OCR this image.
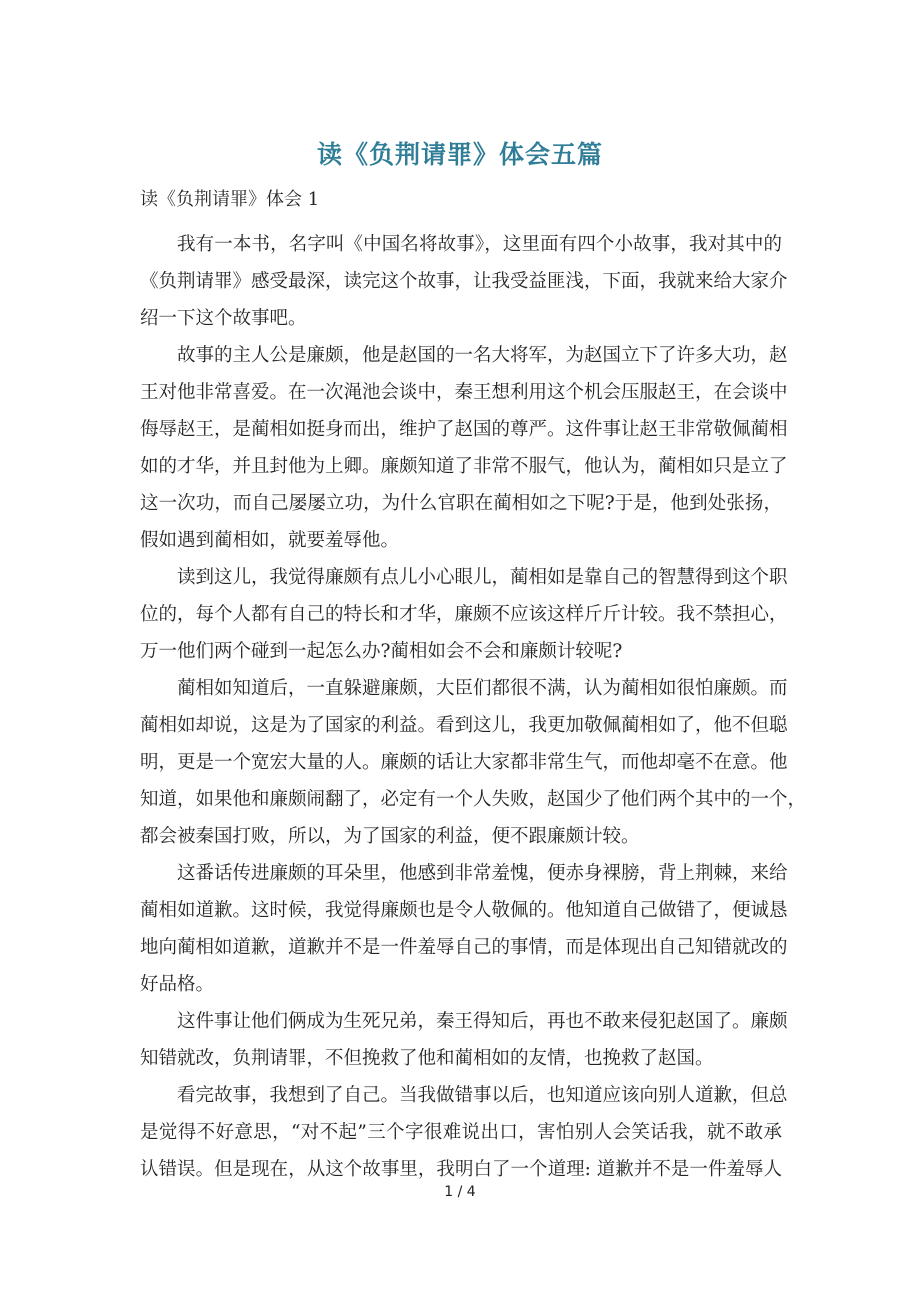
读《负荆请罪》体会五篇
读《负荆请罪》体会 1
我有一本书，名字叫《中国名将故事》，这里面有四个小故事，我对其中的
《负荆请罪》感受最深，读完这个故事，让我受益匪浅，下面，我就来给大家介
绍一下这个故事吧。
故事的主人公是廉颇，他是赵国的一名大将军，为赵国立下了许多大功，赵
王对他非常喜爱。在一次渑池会谈中，秦王想利用这个机会压服赵王，在会谈中
侮辱赵王，是蔺相如挺身而出，维护了赵国的尊严。这件事让赵王非常敬佩蔺相
如的才华，并且封他为上卿。廉颇知道了非常不服气，他认为，蔺相如只是立了
这一次功，而自己屡屡立功，为什么官职在蔺相如之下呢?于是，他到处张扬，
假如遇到蔺相如，就要羞辱他。
读到这儿，我觉得廉颇有点儿小心眼儿，蔺相如是靠自己的智慧得到这个职
位的，每个人都有自己的特长和才华，廉颇不应该这样斤斤计较。我不禁担心，
万一他们两个碰到一起怎么办?蔺相如会不会和廉颇计较呢?
蔺相如知道后，一直躲避廉颇，大臣们都很不满，认为蔺相如很怕廉颇。而
蔺相如却说，这是为了国家的利益。看到这儿，我更加敬佩蔺相如了，他不但聪
明，更是一个宽宏大量的人。廉颇的话让大家都非常生气，而他却毫不在意。他
知道，如果他和廉颇闹翻了，必定有一个人失败，赵国少了他们两个其中的一个，
都会被秦国打败，所以，为了国家的利益，便不跟廉颇计较。
这番话传进廉颇的耳朵里，他感到非常羞愧，便赤身裸膀，背上荆棘，来给
蔺相如道歉。这时候，我觉得廉颇也是令人敬佩的。他知道自己做错了，便诚恳
地向蔺相如道歉，道歉并不是一件羞辱自己的事情，而是体现出自己知错就改的
好品格。
这件事让他们俩成为生死兄弟，秦王得知后，再也不敢来侵犯赵国了。廉颇
知错就改，负荆请罪，不但挽救了他和蔺相如的友情，也挽救了赵国。
看完故事，我想到了自己。当我做错事以后，也知道应该向别人道歉，但总
是觉得不好意思，“对不起”三个字很难说出口，害怕别人会笑话我，就不敢承
认错误。但是现在，从这个故事里，我明白了一个道理: 道歉并不是一件羞辱人
1 / 4
